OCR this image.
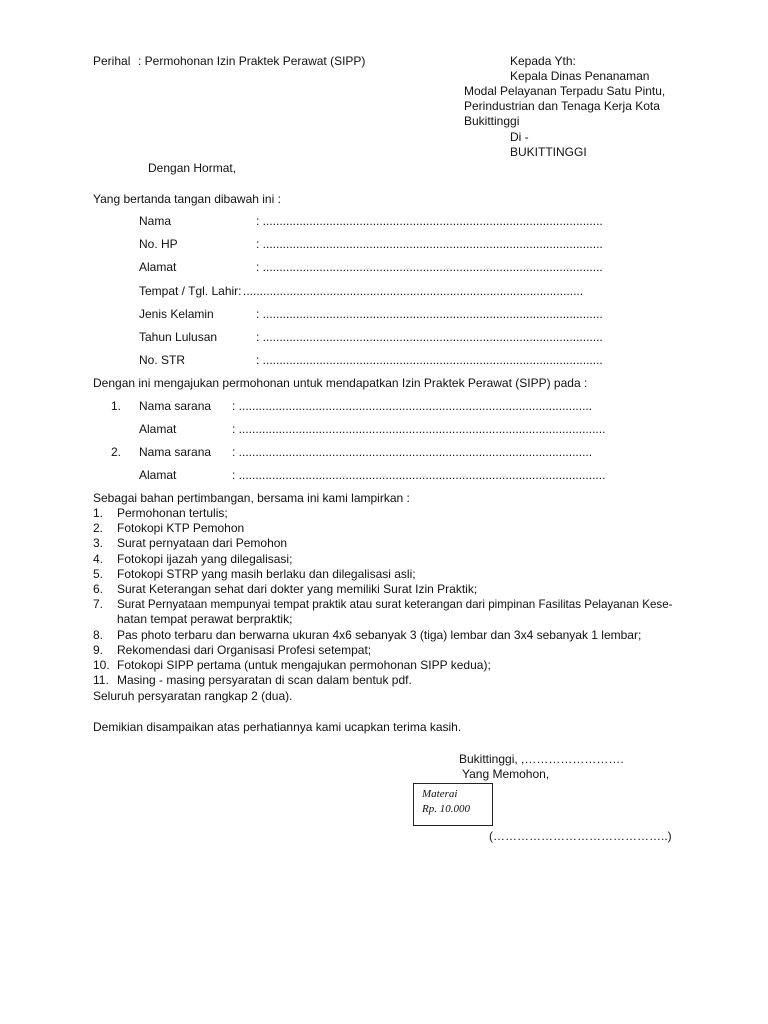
Perihal : Permohonan Izin Praktek Perawat (SIPP)	Kepada Yth:
Kepala Dinas Penanaman
Modal Pelayanan Terpadu Satu Pintu,
Perindustrian dan Tenaga Kerja Kota
Bukittinggi
Di -
BUKITTINGGI
Dengan Hormat,
Yang bertanda tangan dibawah ini :
Nama	: ......................................................................................................
No. HP	: ......................................................................................................
Alamat	: ......................................................................................................
Tempat / Tgl. Lahir: ......................................................................................................
Jenis Kelamin	: ......................................................................................................
Tahun Lulusan	: ......................................................................................................
No. STR	: ......................................................................................................
Dengan ini mengajukan permohonan untuk mendapatkan Izin Praktek Perawat (SIPP) pada :
1. Nama sarana : ..........................................................................................................
Alamat	: ..............................................................................................................
2. Nama sarana : ..........................................................................................................
Alamat	: ..............................................................................................................
Sebagai bahan pertimbangan, bersama ini kami lampirkan :
1. Permohonan tertulis;
2. Fotokopi KTP Pemohon
3. Surat pernyataan dari Pemohon
4. Fotokopi ijazah yang dilegalisasi;
5. Fotokopi STRP yang masih berlaku dan dilegalisasi asli;
6. Surat Keterangan sehat dari dokter yang memiliki Surat Izin Praktik;
7. Surat Pernyataan mempunyai tempat praktik atau surat keterangan dari pimpinan Fasilitas Pelayanan Kese-
hatan tempat perawat berpraktik;
8. Pas photo terbaru dan berwarna ukuran 4x6 sebanyak 3 (tiga) lembar dan 3x4 sebanyak 1 lembar;
9. Rekomendasi dari Organisasi Profesi setempat;
10. Fotokopi SIPP pertama (untuk mengajukan permohonan SIPP kedua);
11. Masing - masing persyaratan di scan dalam bentuk pdf.
Seluruh persyaratan rangkap 2 (dua).
Demikian disampaikan atas perhatiannya kami ucapkan terima kasih.
Bukittinggi, ,…………………….
Yang Memohon,
Materai
Rp. 10.000
(……………………………………..)
